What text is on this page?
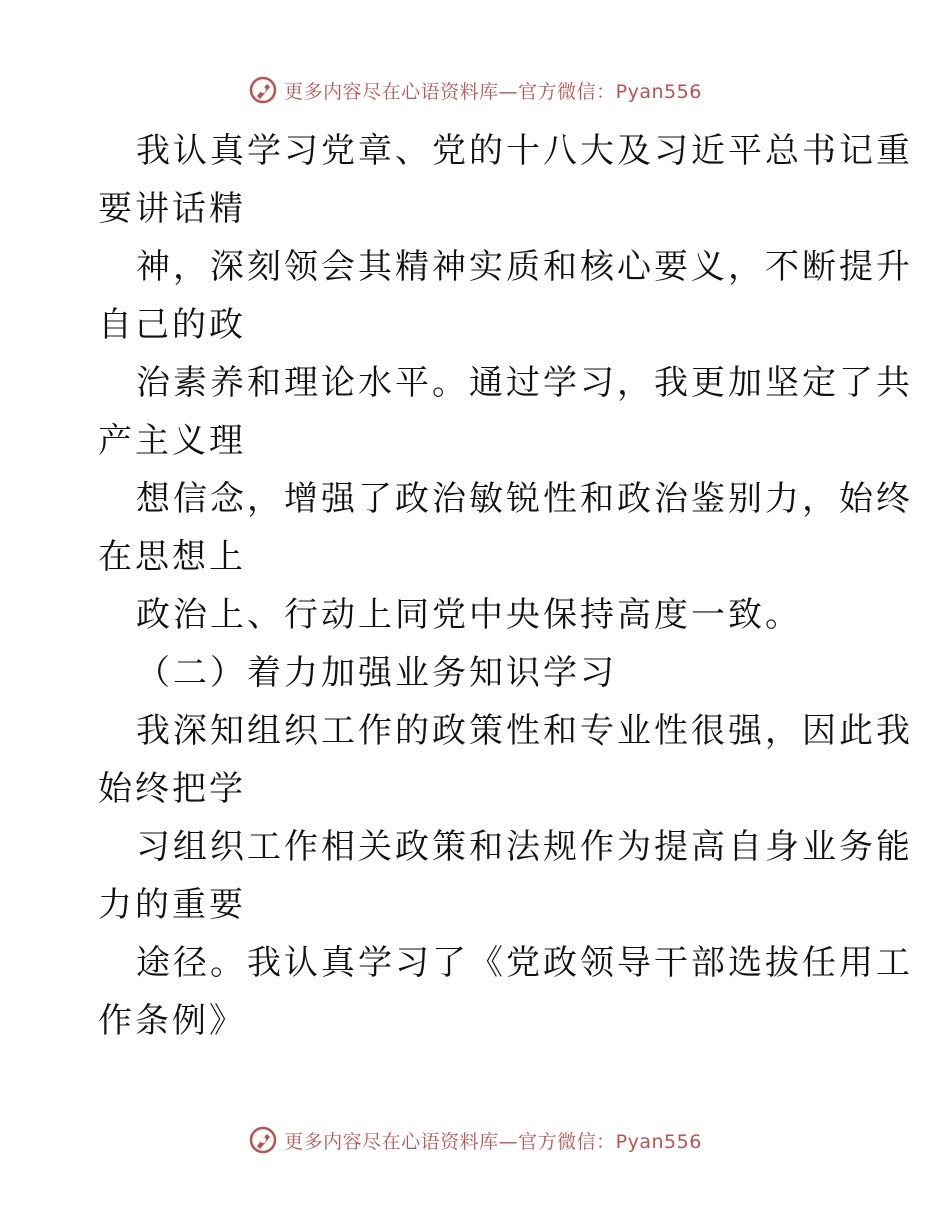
更多内容尽在心语资料库—官方微信：Pyan556
我认真学习党章、党的十八大及习近平总书记重
要讲话精
神，深刻领会其精神实质和核心要义，不断提升
自己的政
治素养和理论水平。通过学习，我更加坚定了共
产主义理
想信念，增强了政治敏锐性和政治鉴别力，始终
在思想上
政治上、行动上同党中央保持高度一致。
（二）着力加强业务知识学习
我深知组织工作的政策性和专业性很强，因此我
始终把学
习组织工作相关政策和法规作为提高自身业务能
力的重要
途径。我认真学习了《党政领导干部选拔任用工
作条例》
更多内容尽在心语资料库—官方微信：Pyan556
